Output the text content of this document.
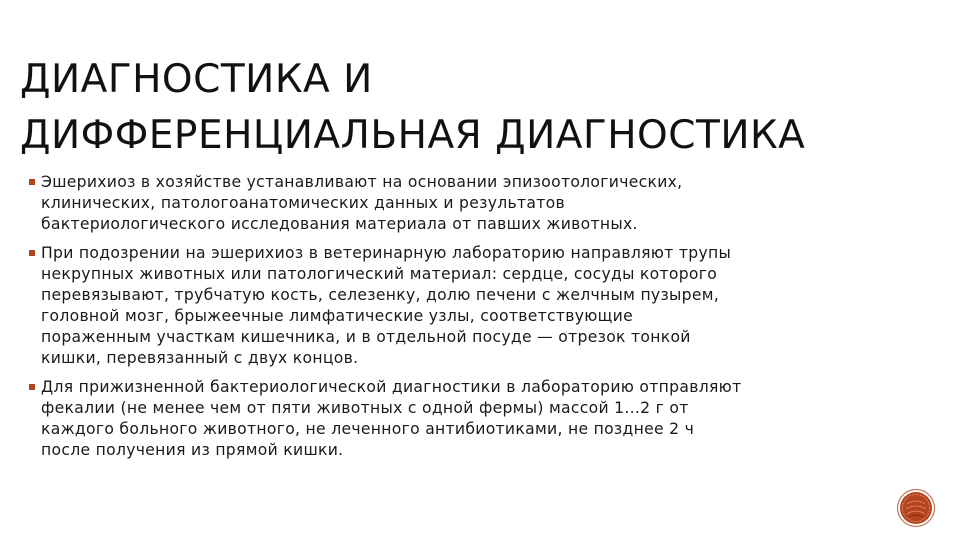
ДИАГНОСТИКА И
ДИФФЕРЕНЦИАЛЬНАЯ ДИАГНОСТИКА
Эшерихиоз в хозяйстве устанавливают на основании эпизоотологических,
клинических, патологоанатомических данных и результатов
бактериологического исследования материала от павших животных.
При подозрении на эшерихиоз в ветеринарную лабораторию направляют трупы
некрупных животных или патологический материал: сердце, сосуды которого
перевязывают, трубчатую кость, селезенку, долю печени с желчным пузырем,
головной мозг, брыжеечные лимфатические узлы, соответствующие
пораженным участкам кишечника, и в отдельной посуде — отрезок тонкой
кишки, перевязанный с двух концов.
Для прижизненной бактериологической диагностики в лабораторию отправляют
фекалии (не менее чем от пяти животных с одной фермы) массой 1...2 г от
каждого больного животного, не леченного антибиотиками, не позднее 2 ч
после получения из прямой кишки.
